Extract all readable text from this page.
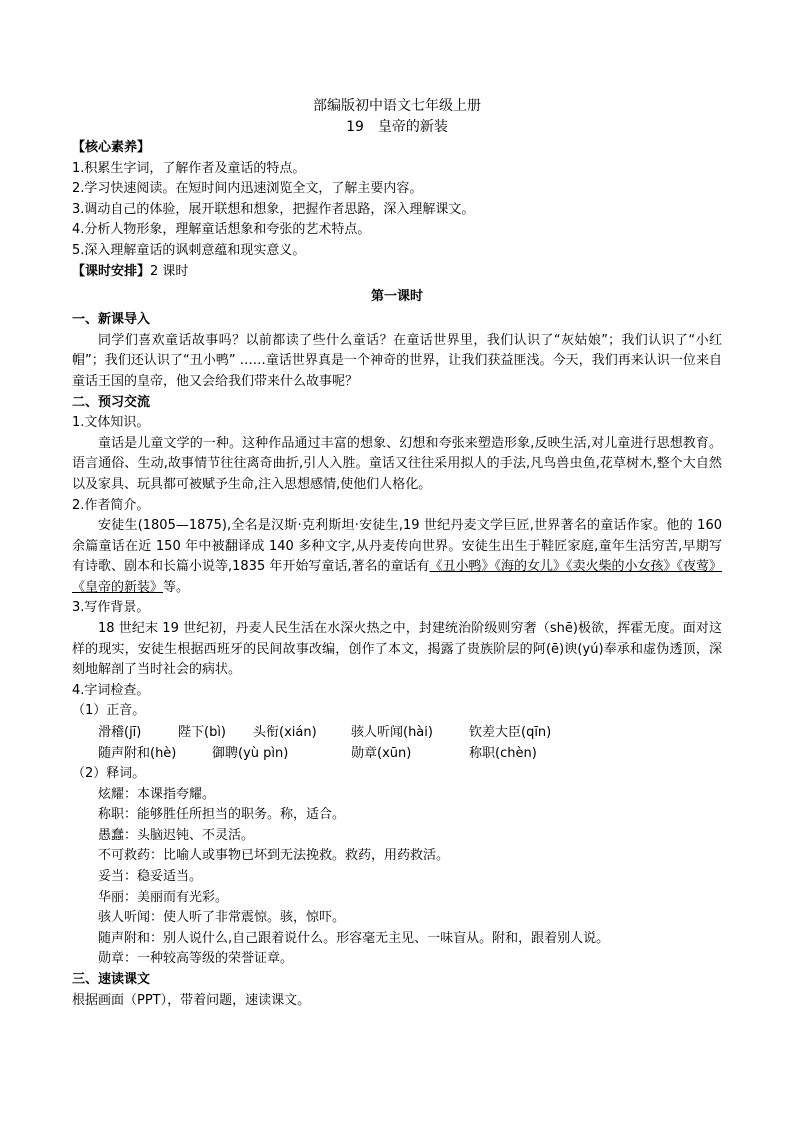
部编版初中语文七年级上册
19　皇帝的新装
【核心素养】
1.积累生字词，了解作者及童话的特点。
2.学习快速阅读。在短时间内迅速浏览全文，了解主要内容。
3.调动自己的体验，展开联想和想象，把握作者思路，深入理解课文。
4.分析人物形象，理解童话想象和夸张的艺术特点。
5.深入理解童话的讽刺意蕴和现实意义。
【课时安排】2 课时
第一课时
一、新课导入

同学们喜欢童话故事吗？以前都读了些什么童话？在童话世界里，我们认识了“灰姑娘”；我们认识了“小红帽”；我们还认识了“丑小鸭” ……童话世界真是一个神奇的世界，让我们获益匪浅。今天，我们再来认识一位来自童话王国的皇帝，他又会给我们带来什么故事呢？

二、预习交流
1.文体知识。

童话是儿童文学的一种。这种作品通过丰富的想象、幻想和夸张来塑造形象,反映生活,对儿童进行思想教育。语言通俗、生动,故事情节往往离奇曲折,引人入胜。童话又往往采用拟人的手法,凡鸟兽虫鱼,花草树木,整个大自然以及家具、玩具都可被赋予生命,注入思想感情,使他们人格化。

2.作者简介。

安徒生(1805—1875),全名是汉斯·克利斯坦·安徒生,19 世纪丹麦文学巨匠,世界著名的童话作家。他的 160 余篇童话在近 150 年中被翻译成 140 多种文字,从丹麦传向世界。安徒生出生于鞋匠家庭,童年生活穷苦,早期写有诗歌、剧本和长篇小说等,1835 年开始写童话,著名的童话有《丑小鸭》《海的女儿》《卖火柴的小女孩》《夜莺》《皇帝的新装》等。

3.写作背景。

18 世纪末 19 世纪初，丹麦人民生活在水深火热之中，封建统治阶级则穷奢（shē)极欲，挥霍无度。面对这样的现实，安徒生根据西班牙的民间故事改编，创作了本文，揭露了贵族阶层的阿(ē)谀(yú)奉承和虚伪透顶，深刻地解剖了当时社会的病状。

4.字词检查。
（1）正音。
滑稽(jī)	陛下(bì)	头衔(xián)	骇人听闻(hài)	钦差大臣(qīn)
随声附和(hè)	御聘(yù pìn)	勋章(xūn)	称职(chèn)
（2）释词。
炫耀：本课指夸耀。
称职：能够胜任所担当的职务。称，适合。
愚蠢：头脑迟钝、不灵活。
不可救药：比喻人或事物已坏到无法挽救。救药，用药救活。
妥当：稳妥适当。
华丽：美丽而有光彩。
骇人听闻：使人听了非常震惊。骇，惊吓。
随声附和：别人说什么,自己跟着说什么。形容毫无主见、一味盲从。附和，跟着别人说。
勋章：一种较高等级的荣誉证章。
三、速读课文
根据画面（PPT），带着问题，速读课文。
